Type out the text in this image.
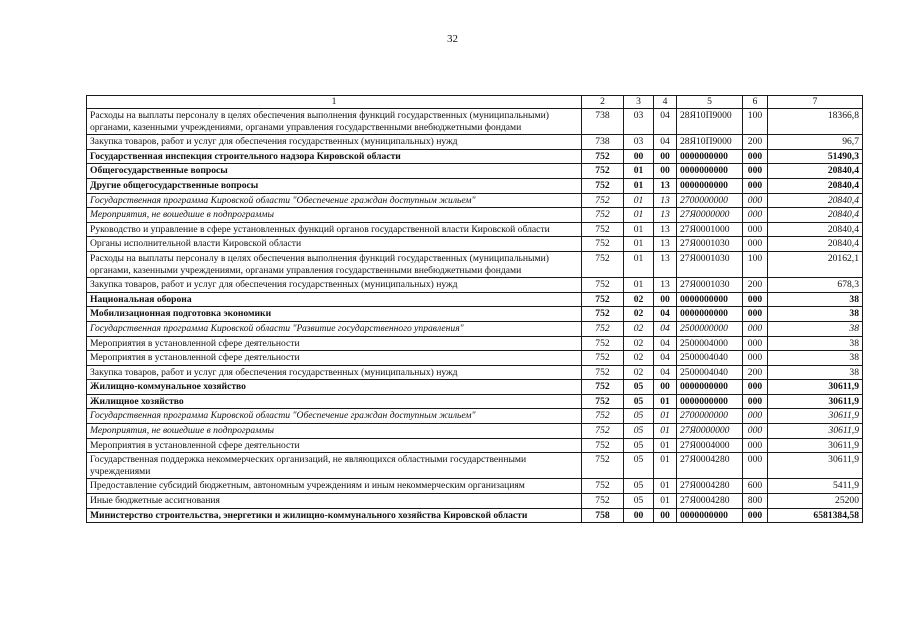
32
1	2	3	4	5	6	7
Расходы на выплаты персоналу в целях обеспечения выполнения функций государственных (муниципальными) органами, казенными учреждениями, органами управления государственными внебюджетными фондами	738	03	04	28Я10П9000	100	18366,8
Закупка товаров, работ и услуг для обеспечения государственных (муниципальных) нужд	738	03	04	28Я10П9000	200	96,7
Государственная инспекция строительного надзора Кировской области	752	00	00	0000000000	000	51490,3
Общегосударственные вопросы	752	01	00	0000000000	000	20840,4
Другие общегосударственные вопросы	752	01	13	0000000000	000	20840,4
Государственная программа Кировской области "Обеспечение граждан доступным жильем"	752	01	13	2700000000	000	20840,4
Мероприятия, не вошедшие в подпрограммы	752	01	13	27Я0000000	000	20840,4
Руководство и управление в сфере установленных функций органов государственной власти Кировской области	752	01	13	27Я0001000	000	20840,4
Органы исполнительной власти Кировской области	752	01	13	27Я0001030	000	20840,4
Расходы на выплаты персоналу в целях обеспечения выполнения функций государственных (муниципальными) органами, казенными учреждениями, органами управления государственными внебюджетными фондами	752	01	13	27Я0001030	100	20162,1
Закупка товаров, работ и услуг для обеспечения государственных (муниципальных) нужд	752	01	13	27Я0001030	200	678,3
Национальная оборона	752	02	00	0000000000	000	38
Мобилизационная подготовка экономики	752	02	04	0000000000	000	38
Государственная программа Кировской области "Развитие государственного управления"	752	02	04	2500000000	000	38
Мероприятия в установленной сфере деятельности	752	02	04	2500004000	000	38
Мероприятия в установленной сфере деятельности	752	02	04	2500004040	000	38
Закупка товаров, работ и услуг для обеспечения государственных (муниципальных) нужд	752	02	04	2500004040	200	38
Жилищно-коммунальное хозяйство	752	05	00	0000000000	000	30611,9
Жилищное хозяйство	752	05	01	0000000000	000	30611,9
Государственная программа Кировской области "Обеспечение граждан доступным жильем"	752	05	01	2700000000	000	30611,9
Мероприятия, не вошедшие в подпрограммы	752	05	01	27Я0000000	000	30611,9
Мероприятия в установленной сфере деятельности	752	05	01	27Я0004000	000	30611,9
Государственная поддержка некоммерческих организаций, не являющихся областными государственными учреждениями	752	05	01	27Я0004280	000	30611,9
Предоставление субсидий бюджетным, автономным учреждениям и иным некоммерческим организациям	752	05	01	27Я0004280	600	5411,9
Иные бюджетные ассигнования	752	05	01	27Я0004280	800	25200
Министерство строительства, энергетики и жилищно-коммунального хозяйства Кировской области	758	00	00	0000000000	000	6581384,58
